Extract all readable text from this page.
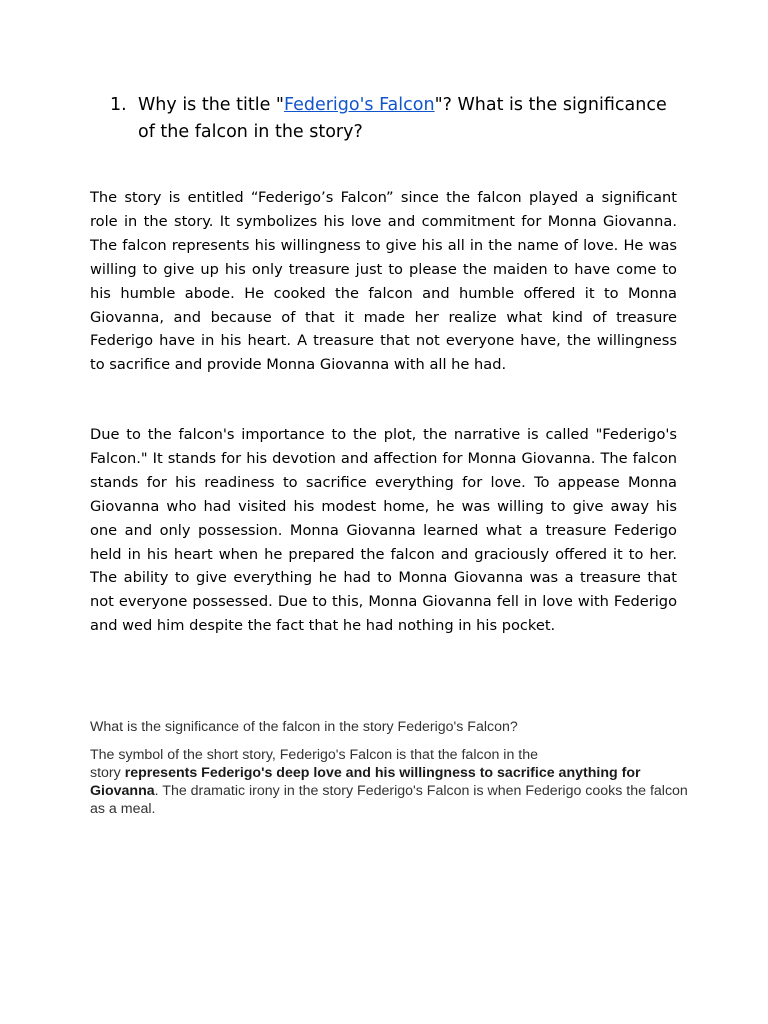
1. Why is the title "Federigo's Falcon"? What is the significance of the falcon in the story?

The story is entitled “Federigo’s Falcon” since the falcon played a significant role in the story. It symbolizes his love and commitment for Monna Giovanna. The falcon represents his willingness to give his all in the name of love. He was willing to give up his only treasure just to please the maiden to have come to his humble abode. He cooked the falcon and humble offered it to Monna Giovanna, and because of that it made her realize what kind of treasure Federigo have in his heart. A treasure that not everyone have, the willingness to sacrifice and provide Monna Giovanna with all he had.

Due to the falcon's importance to the plot, the narrative is called "Federigo's Falcon." It stands for his devotion and affection for Monna Giovanna. The falcon stands for his readiness to sacrifice everything for love. To appease Monna Giovanna who had visited his modest home, he was willing to give away his one and only possession. Monna Giovanna learned what a treasure Federigo held in his heart when he prepared the falcon and graciously offered it to her. The ability to give everything he had to Monna Giovanna was a treasure that not everyone possessed. Due to this, Monna Giovanna fell in love with Federigo and wed him despite the fact that he had nothing in his pocket.

What is the significance of the falcon in the story Federigo's Falcon?

The symbol of the short story, Federigo's Falcon is that the falcon in the
story represents Federigo's deep love and his willingness to sacrifice anything for Giovanna. The dramatic irony in the story Federigo's Falcon is when Federigo cooks the falcon as a meal.
